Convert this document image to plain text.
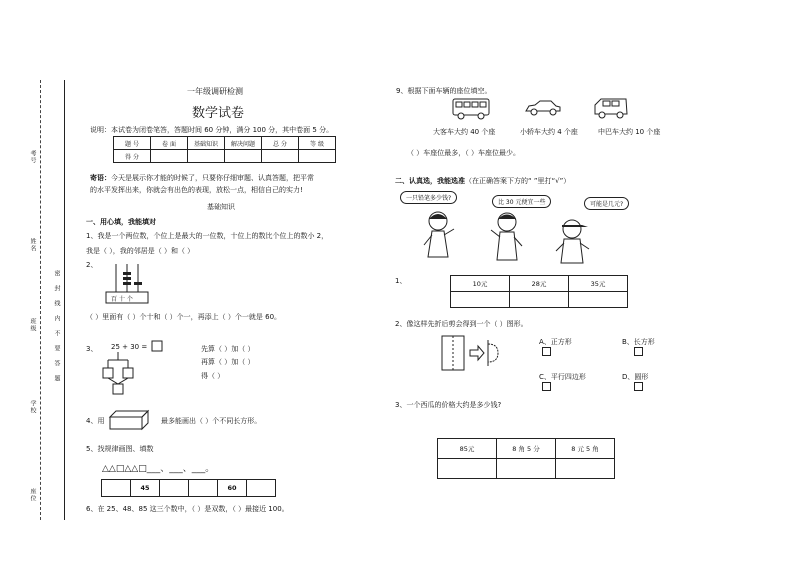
考号
姓名
密
封
线
内
不
要
答
题
班级
学校
座位
一年级调研检测
数学试卷
说明：本试卷为闭卷笔答，答题时间 60 分钟，满分 100 分，其中卷面 5 分。
题 号	卷 面	基础知识	解决问题	总 分	等 级
得 分					
寄语：今天是展示你才能的时候了，只要你仔细审题、认真答题，把平常
的水平发挥出来，你就会有出色的表现，放松一点，相信自己的实力!
基础知识
一、用心填，我能填对
1、我是一个两位数，个位上是最大的一位数，十位上的数比个位上的数小 2，
我是（ ），我的邻居是（ ）和（ ）
2、
百 十 个
（ ）里面有（ ）个十和（ ）个一，再添上（ ）个一就是 60。
3、 25 + 30 =	先算（ ）加（ ）
再算（ ）加（ ）
得（ ）
4、用	最多能画出（ ）个不同长方形。
5、找规律画图、填数
△△□△△□___、___、___。
	45			60	
6、在 25、48、85 这三个数中，（ ）是双数，（ ）最接近 100。
9、根据下面车辆的座位填空。
大客车大约 40 个座	小轿车大约 4 个座	中巴车大约 10 个座
（ ）车座位最多，（ ）车座位最少。
二、认真选，我能选准（在正确答案下方的“ ”里打“√”）
一只铅笔多少钱?
比 30 元便宜一些	可能是几元?
1、	10元	28元	35元

2、像这样先折后剪会得到一个（ ）图形。
A、正方形	B、长方形
C、平行四边形	D、圆形
3、一个西瓜的价格大约是多少钱?
85元	8 角 5 分	8 元 5 角
